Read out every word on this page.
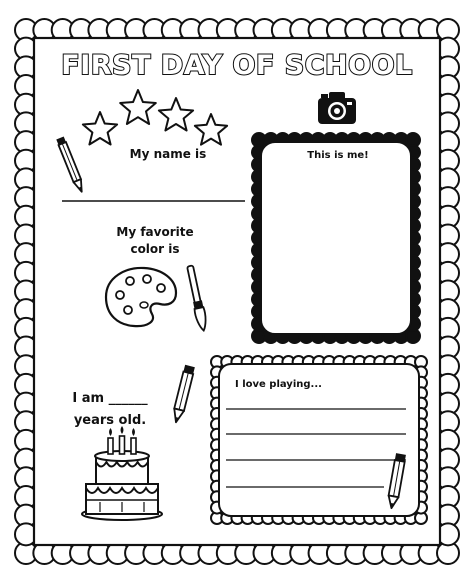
FIRST DAY OF SCHOOL
My name is
My favorite
color is
This is me!
I am ______
years old.
I love playing...
